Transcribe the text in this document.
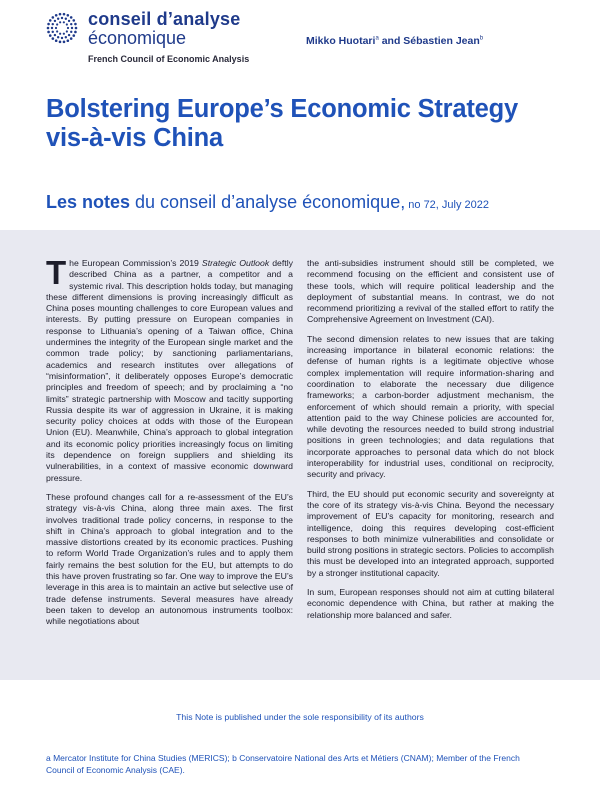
conseil d’analyse
économique
French Council of Economic Analysis
Mikko Huotari$^a$ and Sébastien Jean$^b$
Bolstering Europe’s Economic Strategy vis-à-vis China
Les notes du conseil d’analyse économique, no 72, July 2022

The European Commission’s 2019 Strategic Outlook deftly described China as a partner, a competitor and a systemic rival. This description holds today, but managing these different dimensions is proving increasingly difficult as China poses mounting challenges to core European values and interests. By putting pressure on European companies in response to Lithuania’s opening of a Taiwan office, China undermines the integrity of the European single market and the common trade policy; by sanctioning parliamentarians, academics and research institutes over allegations of “misinformation”, it deliberately opposes Europe’s democratic principles and freedom of speech; and by proclaiming a “no limits” strategic partnership with Moscow and tacitly supporting Russia despite its war of aggression in Ukraine, it is making security policy choices at odds with those of the European Union (EU). Meanwhile, China’s approach to global integration and its economic policy priorities increasingly focus on limiting its dependence on foreign suppliers and shielding its vulnerabilities, in a context of massive economic downward pressure.

These profound changes call for a re-assessment of the EU’s strategy vis-à-vis China, along three main axes. The first involves traditional trade policy concerns, in response to the shift in China’s approach to global integration and to the massive distortions created by its economic practices. Pushing to reform World Trade Organization’s rules and to apply them fairly remains the best solution for the EU, but attempts to do this have proven frustrating so far. One way to improve the EU’s leverage in this area is to maintain an active but selective use of trade defense instruments. Several measures have already been taken to develop an autonomous instruments toolbox: while negotiations about

the anti-subsidies instrument should still be completed, we recommend focusing on the efficient and consistent use of these tools, which will require political leadership and the deployment of substantial means. In contrast, we do not recommend prioritizing a revival of the stalled effort to ratify the Comprehensive Agreement on Investment (CAI).

The second dimension relates to new issues that are taking increasing importance in bilateral economic relations: the defense of human rights is a legitimate objective whose complex implementation will require information-sharing and coordination to elaborate the necessary due diligence frameworks; a carbon-border adjustment mechanism, the enforcement of which should remain a priority, with special attention paid to the way Chinese policies are accounted for, while devoting the resources needed to build strong industrial positions in green technologies; and data regulations that incorporate approaches to personal data which do not block interoperability for industrial uses, conditional on reciprocity, security and privacy.

Third, the EU should put economic security and sovereignty at the core of its strategy vis-à-vis China. Beyond the necessary improvement of EU’s capacity for monitoring, research and intelligence, doing this requires developing cost-efficient responses to both minimize vulnerabilities and consolidate or build strong positions in strategic sectors. Policies to accomplish this must be developed into an integrated approach, supported by a stronger institutional capacity.

In sum, European responses should not aim at cutting bilateral economic dependence with China, but rather at making the relationship more balanced and safer.

This Note is published under the sole responsibility of its authors
a Mercator Institute for China Studies (MERICS); b Conservatoire National des Arts et Métiers (CNAM); Member of the French Council of Economic Analysis (CAE).
